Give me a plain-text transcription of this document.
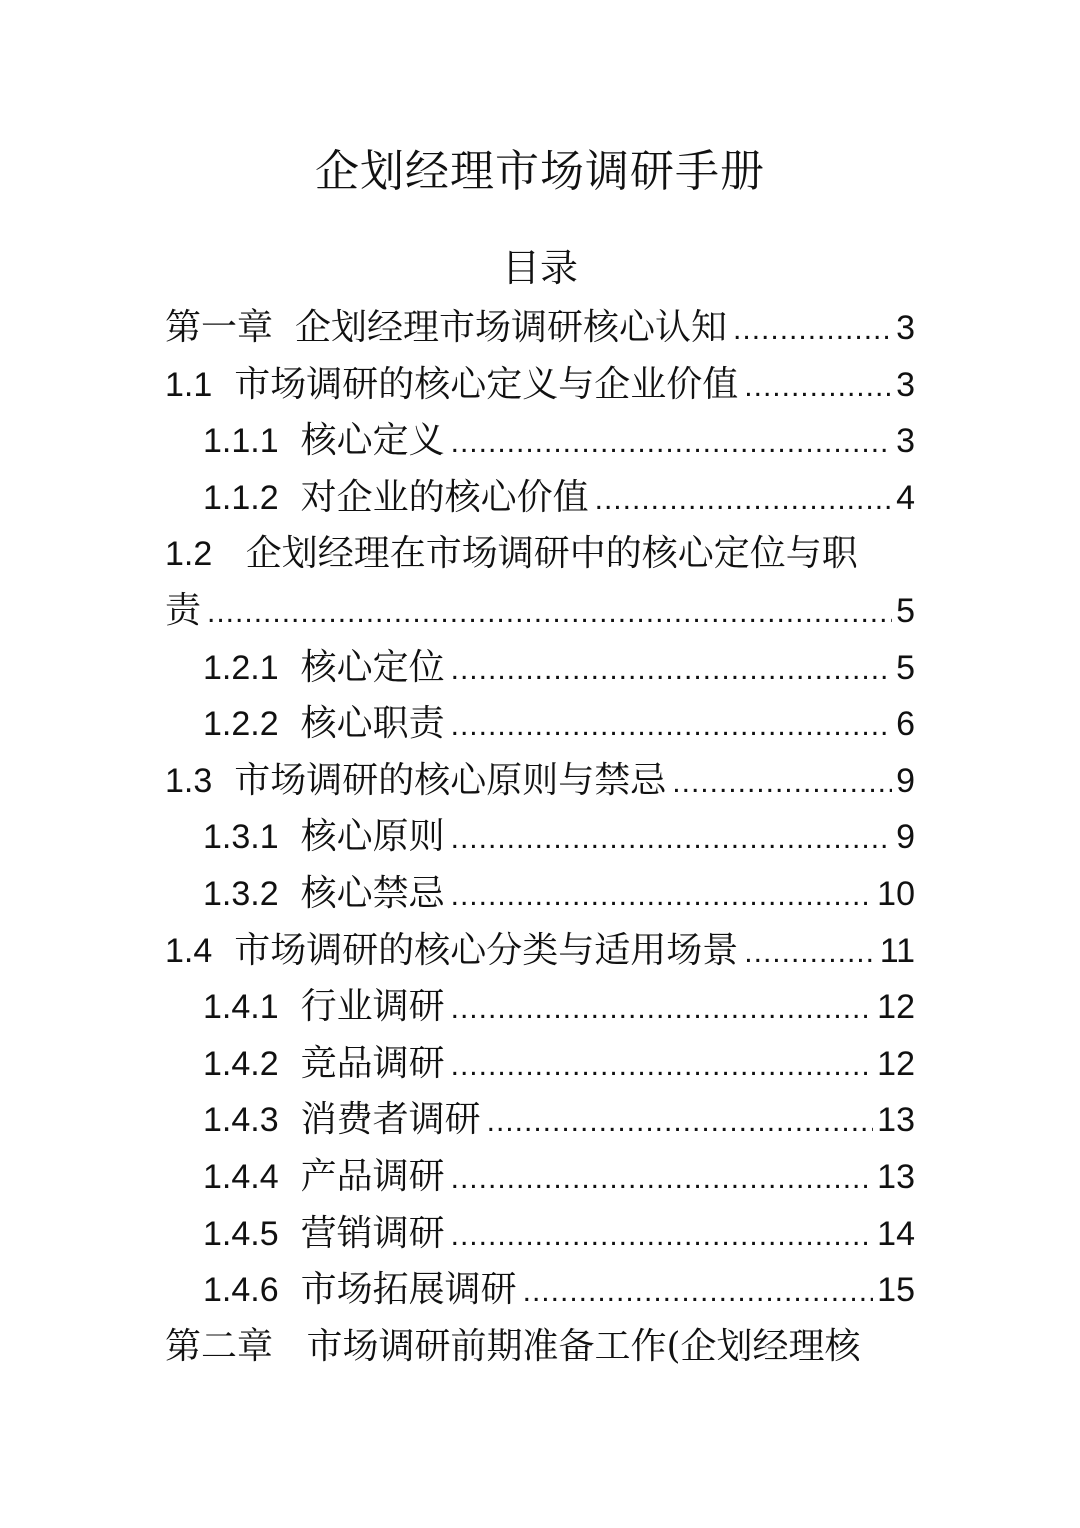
企划经理市场调研手册
目录
第一章 企划经理市场调研核心认知 .....	3
1.1 市场调研的核心定义与企业价值 .....	3
1.1.1 核心定义 .....	3
1.1.2 对企业的核心价值 .....	4
1.2 企划经理在市场调研中的核心定位与职
责 .....	5
1.2.1 核心定位 .....	5
1.2.2 核心职责 .....	6
1.3 市场调研的核心原则与禁忌 .....	9
1.3.1 核心原则 .....	9
1.3.2 核心禁忌 .....	10
1.4 市场调研的核心分类与适用场景 .....	11
1.4.1 行业调研 .....	12
1.4.2 竞品调研 .....	12
1.4.3 消费者调研 .....	13
1.4.4 产品调研 .....	13
1.4.5 营销调研 .....	14
1.4.6 市场拓展调研 .....	15
第二章 市场调研前期准备工作(企划经理核
